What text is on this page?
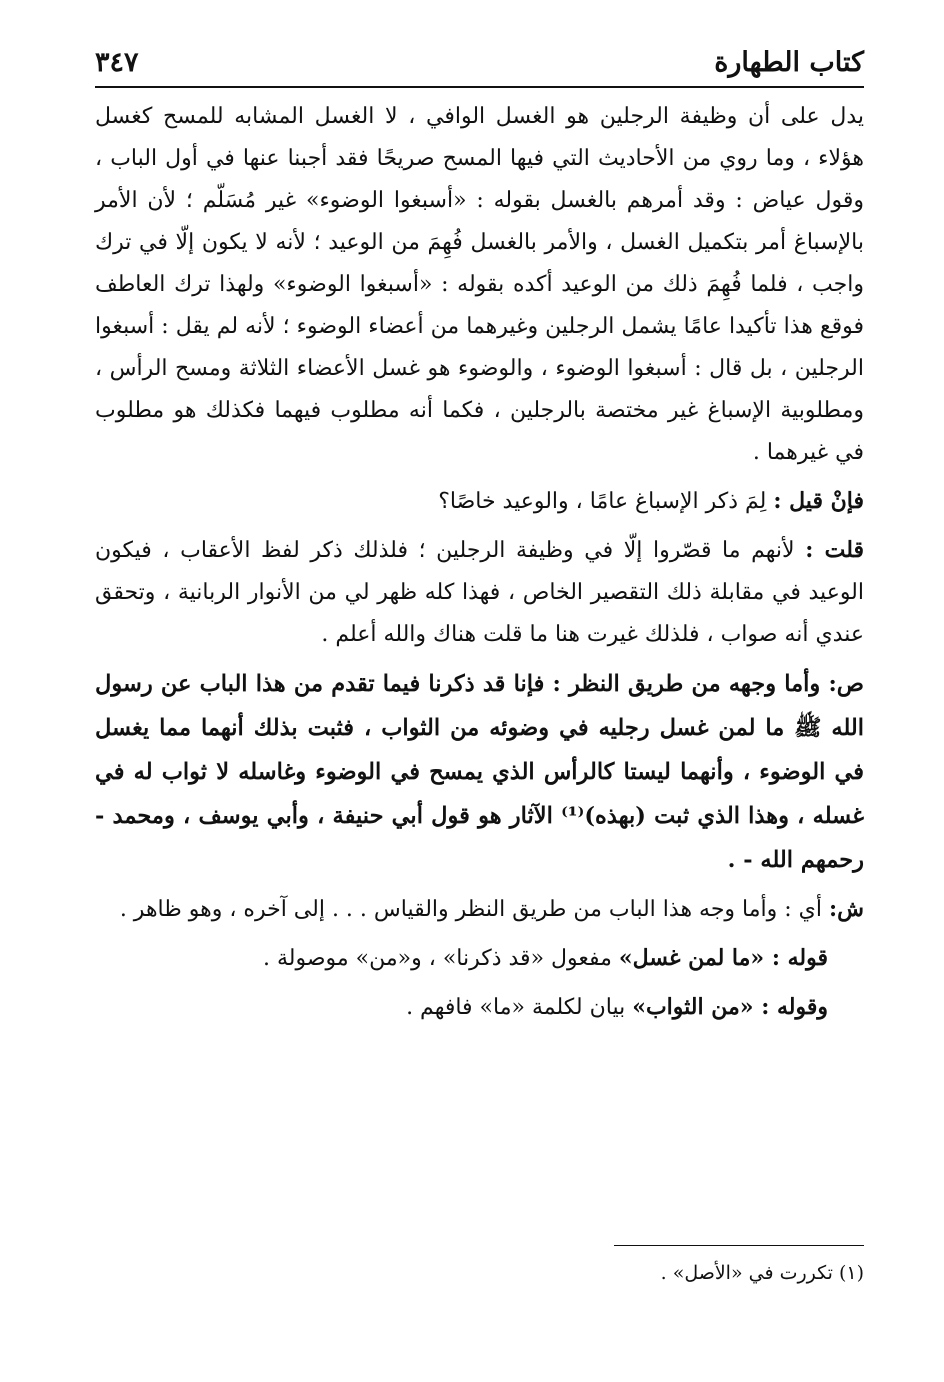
كتاب الطهارة
٣٤٧

يدل على أن وظيفة الرجلين هو الغسل الوافي ، لا الغسل المشابه للمسح كغسل هؤلاء ، وما روي من الأحاديث التي فيها المسح صريحًا فقد أجبنا عنها في أول الباب ، وقول عياض : وقد أمرهم بالغسل بقوله : «أسبغوا الوضوء» غير مُسَلّم ؛ لأن الأمر بالإسباغ أمر بتكميل الغسل ، والأمر بالغسل فُهِمَ من الوعيد ؛ لأنه لا يكون إلّا في ترك واجب ، فلما فُهِمَ ذلك من الوعيد أكده بقوله : «أسبغوا الوضوء» ولهذا ترك العاطف فوقع هذا تأكيدا عامًا يشمل الرجلين وغيرهما من أعضاء الوضوء ؛ لأنه لم يقل : أسبغوا الرجلين ، بل قال : أسبغوا الوضوء ، والوضوء هو غسل الأعضاء الثلاثة ومسح الرأس ، ومطلوبية الإسباغ غير مختصة بالرجلين ، فكما أنه مطلوب فيهما فكذلك هو مطلوب في غيرهما .

فإنْ قيل : لِمَ ذكر الإسباغ عامًا ، والوعيد خاصًا؟

قلت : لأنهم ما قصّروا إلّا في وظيفة الرجلين ؛ فلذلك ذكر لفظ الأعقاب ، فيكون الوعيد في مقابلة ذلك التقصير الخاص ، فهذا كله ظهر لي من الأنوار الربانية ، وتحقق عندي أنه صواب ، فلذلك غيرت هنا ما قلت هناك والله أعلم .

ص: وأما وجهه من طريق النظر : فإنا قد ذكرنا فيما تقدم من هذا الباب عن رسول الله ﷺ ما لمن غسل رجليه في وضوئه من الثواب ، فثبت بذلك أنهما مما يغسل في الوضوء ، وأنهما ليستا كالرأس الذي يمسح في الوضوء وغاسله لا ثواب له في غسله ، وهذا الذي ثبت (بهذه)⁽¹⁾ الآثار هو قول أبي حنيفة ، وأبي يوسف ، ومحمد - رحمهم الله - .

ش: أي : وأما وجه هذا الباب من طريق النظر والقياس . . . إلى آخره ، وهو ظاهر .

قوله : «ما لمن غسل» مفعول «قد ذكرنا» ، و«من» موصولة .

وقوله : «من الثواب» بيان لكلمة «ما» فافهم .

(١) تكررت في «الأصل» .
